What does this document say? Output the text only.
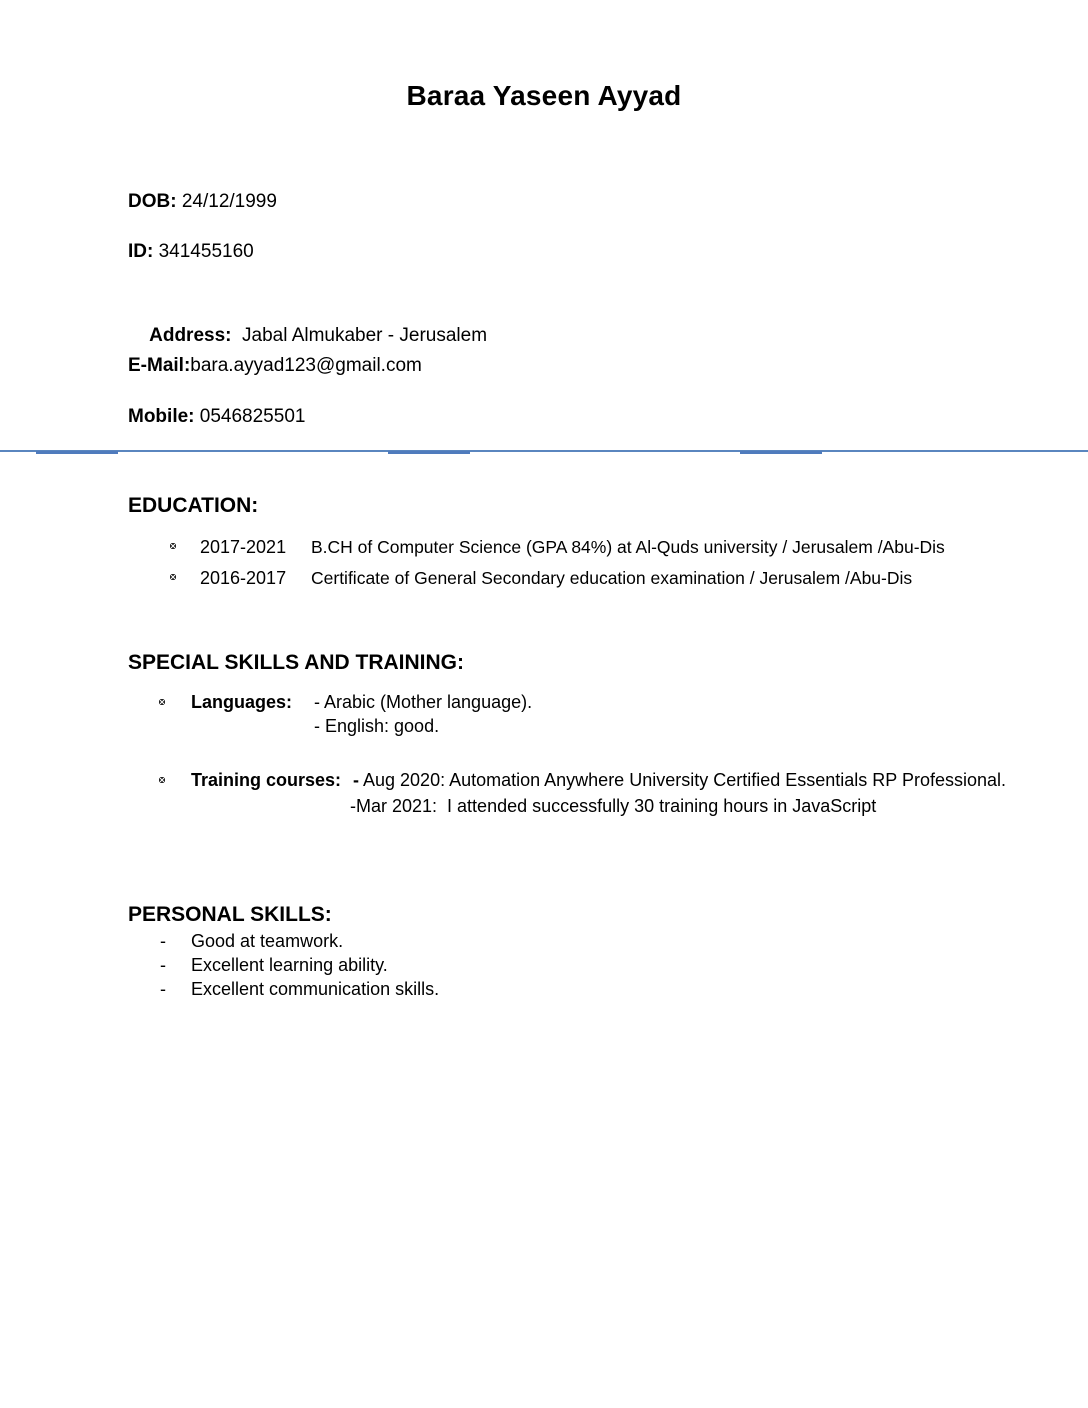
Baraa Yaseen Ayyad
DOB: 24/12/1999
ID: 341455160

Address:  Jabal Almukaber - Jerusalem

E-Mail:bara.ayyad123@gmail.com
Mobile: 0546825501
EDUCATION:
2017-2021 B.CH of Computer Science (GPA 84%) at Al-Quds university / Jerusalem /Abu-Dis
2016-2017 Certificate of General Secondary education examination / Jerusalem /Abu-Dis
SPECIAL SKILLS AND TRAINING:
Languages: - Arabic (Mother language).
- English: good.
Training courses: - Aug 2020: Automation Anywhere University Certified Essentials RP Professional.
-Mar 2021:  I attended successfully 30 training hours in JavaScript
PERSONAL SKILLS:
- Good at teamwork.
- Excellent learning ability.
- Excellent communication skills.
